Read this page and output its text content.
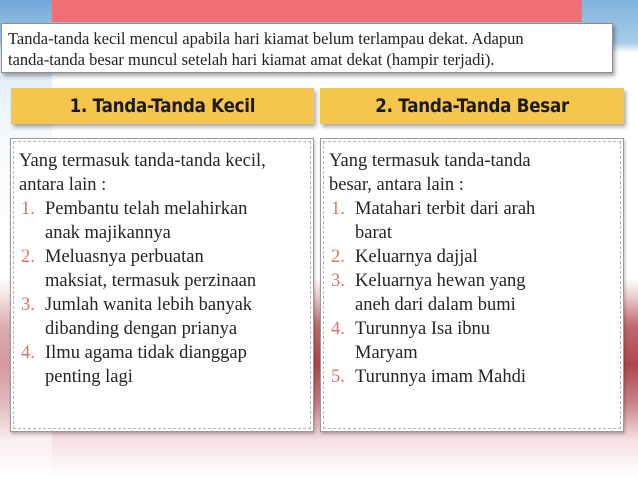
Tanda-tanda kecil mencul apabila hari kiamat belum terlampau dekat. Adapun
tanda-tanda besar muncul setelah hari kiamat amat dekat (hampir terjadi).
1. Tanda-Tanda Kecil	2. Tanda-Tanda Besar
Yang termasuk tanda-tanda kecil,
antara lain :
1. Pembantu telah melahirkan
anak majikannya
2. Meluasnya perbuatan
maksiat, termasuk perzinaan
3. Jumlah wanita lebih banyak
dibanding dengan prianya
4. Ilmu agama tidak dianggap
penting lagi
Yang termasuk tanda-tanda
besar, antara lain :
1. Matahari terbit dari arah
barat
2. Keluarnya dajjal
3. Keluarnya hewan yang
aneh dari dalam bumi
4. Turunnya Isa ibnu
Maryam
5. Turunnya imam Mahdi
